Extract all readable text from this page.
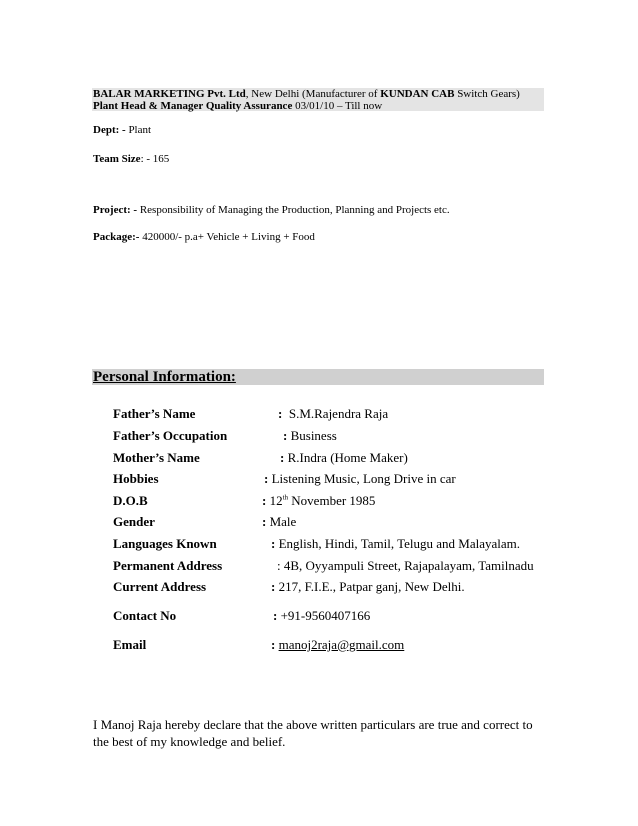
BALAR MARKETING Pvt. Ltd, New Delhi (Manufacturer of KUNDAN CAB Switch Gears)
Plant Head & Manager Quality Assurance 03/01/10 – Till now
Dept: - Plant
Team Size: - 165
Project: - Responsibility of Managing the Production, Planning and Projects etc.
Package:- 420000/- p.a+ Vehicle + Living + Food
Personal Information:
Father’s Name	: S.M.Rajendra Raja
Father’s Occupation	: Business
Mother’s Name	: R.Indra (Home Maker)
Hobbies	: Listening Music, Long Drive in car
D.O.B	: 12th November 1985
Gender	: Male
Languages Known	: English, Hindi, Tamil, Telugu and Malayalam.
Permanent Address	: 4B, Oyyampuli Street, Rajapalayam, Tamilnadu
Current Address	: 217, F.I.E., Patpar ganj, New Delhi.
Contact No	: +91-9560407166
Email	: manoj2raja@gmail.com
I Manoj Raja hereby declare that the above written particulars are true and correct to the best of my knowledge and belief.
